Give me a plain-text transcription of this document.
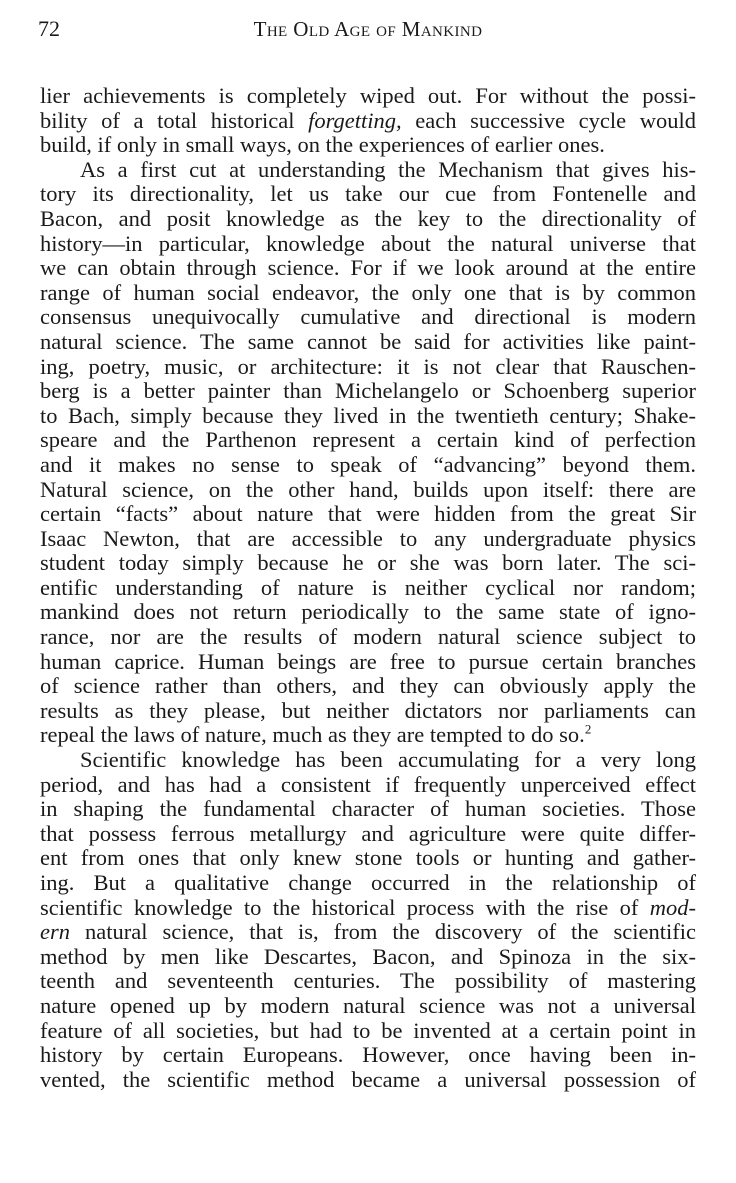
72	The Old Age of Mankind
lier achievements is completely wiped out. For without the possi-
bility of a total historical forgetting, each successive cycle would
build, if only in small ways, on the experiences of earlier ones.
As a first cut at understanding the Mechanism that gives his-
tory its directionality, let us take our cue from Fontenelle and
Bacon, and posit knowledge as the key to the directionality of
history—in particular, knowledge about the natural universe that
we can obtain through science. For if we look around at the entire
range of human social endeavor, the only one that is by common
consensus unequivocally cumulative and directional is modern
natural science. The same cannot be said for activities like paint-
ing, poetry, music, or architecture: it is not clear that Rauschen-
berg is a better painter than Michelangelo or Schoenberg superior
to Bach, simply because they lived in the twentieth century; Shake-
speare and the Parthenon represent a certain kind of perfection
and it makes no sense to speak of “advancing” beyond them.
Natural science, on the other hand, builds upon itself: there are
certain “facts” about nature that were hidden from the great Sir
Isaac Newton, that are accessible to any undergraduate physics
student today simply because he or she was born later. The sci-
entific understanding of nature is neither cyclical nor random;
mankind does not return periodically to the same state of igno-
rance, nor are the results of modern natural science subject to
human caprice. Human beings are free to pursue certain branches
of science rather than others, and they can obviously apply the
results as they please, but neither dictators nor parliaments can
repeal the laws of nature, much as they are tempted to do so.$^2$
Scientific knowledge has been accumulating for a very long
period, and has had a consistent if frequently unperceived effect
in shaping the fundamental character of human societies. Those
that possess ferrous metallurgy and agriculture were quite differ-
ent from ones that only knew stone tools or hunting and gather-
ing. But a qualitative change occurred in the relationship of
scientific knowledge to the historical process with the rise of mod-
ern natural science, that is, from the discovery of the scientific
method by men like Descartes, Bacon, and Spinoza in the six-
teenth and seventeenth centuries. The possibility of mastering
nature opened up by modern natural science was not a universal
feature of all societies, but had to be invented at a certain point in
history by certain Europeans. However, once having been in-
vented, the scientific method became a universal possession of
